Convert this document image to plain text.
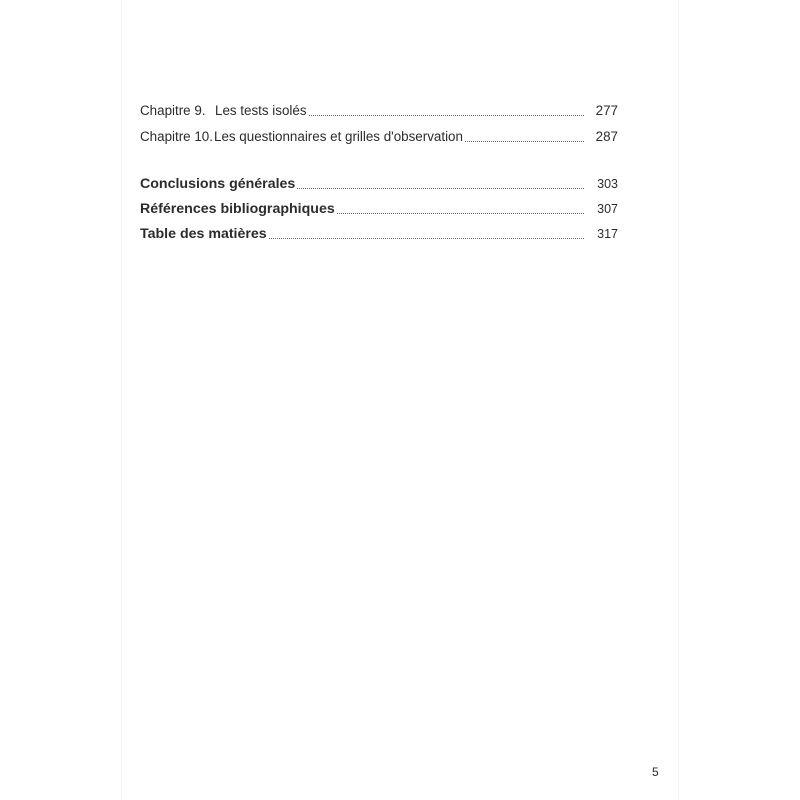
Chapitre 9. Les tests isolés	277
Chapitre 10. Les questionnaires et grilles d'observation	287
Conclusions générales	303
Références bibliographiques	307
Table des matières	317
5
